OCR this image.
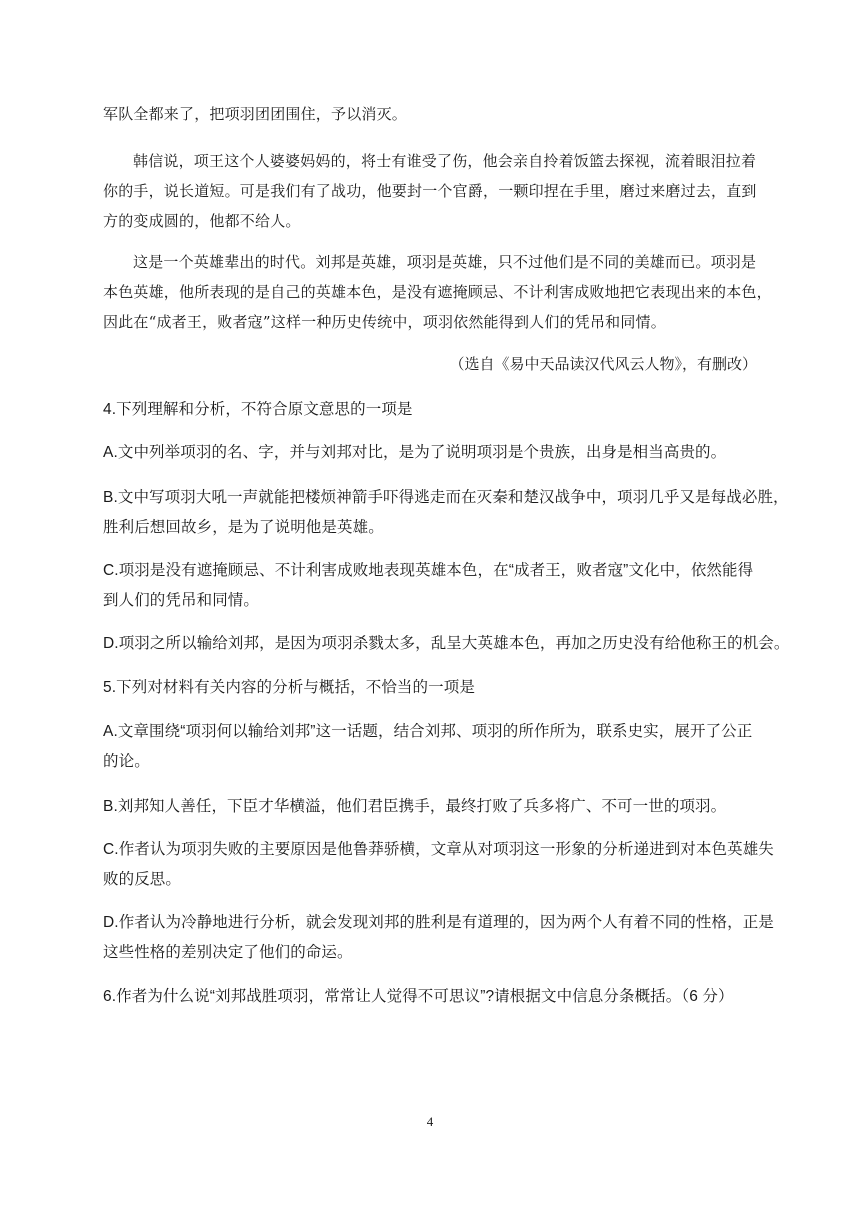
军队全都来了，把项羽团团围住，予以消灭。
韩信说，项王这个人婆婆妈妈的，将士有谁受了伤，他会亲自拎着饭篮去探视，流着眼泪拉着
你的手，说长道短。可是我们有了战功，他要封一个官爵，一颗印捏在手里，磨过来磨过去，直到
方的变成圆的，他都不给人。
这是一个英雄辈出的时代。刘邦是英雄，项羽是英雄，只不过他们是不同的美雄而已。项羽是
本色英雄，他所表现的是自己的英雄本色，是没有遮掩顾忌、不计利害成败地把它表现出来的本色，
因此在“成者王，败者寇”这样一种历史传统中，项羽依然能得到人们的凭吊和同情。
（选自《易中天品读汉代风云人物》，有删改）
4.下列理解和分析，不符合原文意思的一项是
A.文中列举项羽的名、字，并与刘邦对比，是为了说明项羽是个贵族，出身是相当高贵的。
B.文中写项羽大吼一声就能把楼烦神箭手吓得逃走而在灭秦和楚汉战争中，项羽几乎又是每战必胜，
胜利后想回故乡，是为了说明他是英雄。
C.项羽是没有遮掩顾忌、不计利害成败地表现英雄本色，在“成者王，败者寇”文化中，依然能得
到人们的凭吊和同情。
D.项羽之所以输给刘邦，是因为项羽杀戮太多，乱呈大英雄本色，再加之历史没有给他称王的机会。
5.下列对材料有关内容的分析与概括，不恰当的一项是
A.文章围绕“项羽何以输给刘邦”这一话题，结合刘邦、项羽的所作所为，联系史实，展开了公正
的论。
B.刘邦知人善任，下臣才华横溢，他们君臣携手，最终打败了兵多将广、不可一世的项羽。
C.作者认为项羽失败的主要原因是他鲁莽骄横，文章从对项羽这一形象的分析递进到对本色英雄失
败的反思。
D.作者认为冷静地进行分析，就会发现刘邦的胜利是有道理的，因为两个人有着不同的性格，正是
这些性格的差别决定了他们的命运。
6.作者为什么说“刘邦战胜项羽，常常让人觉得不可思议”?请根据文中信息分条概括。（6 分）
4
